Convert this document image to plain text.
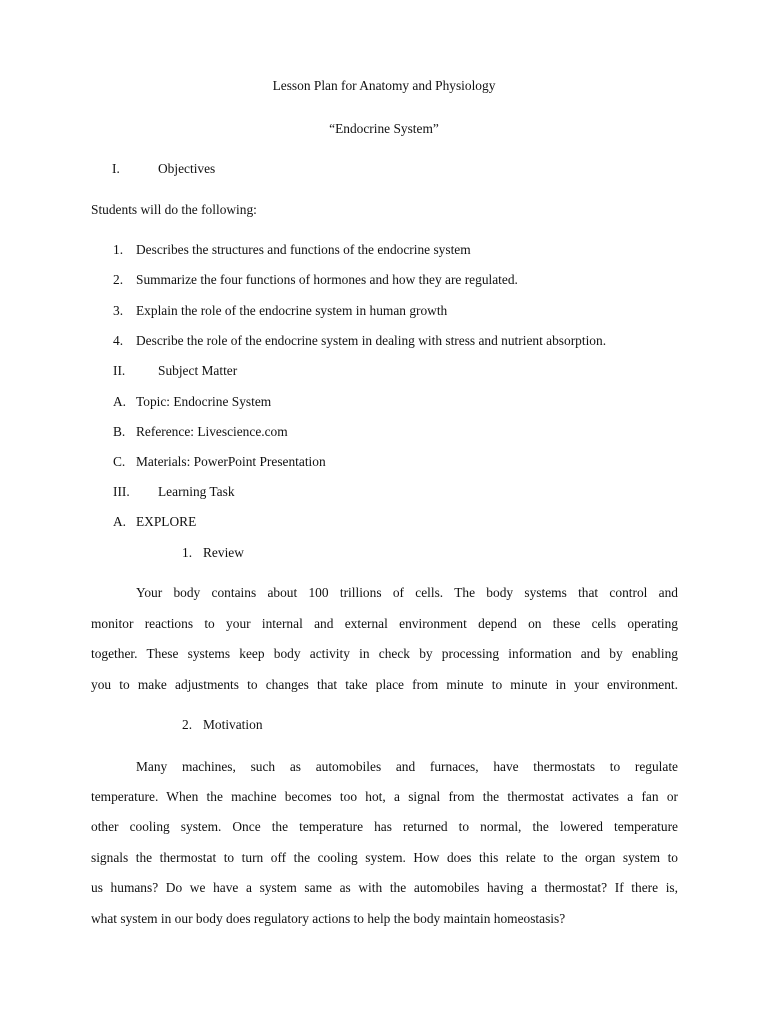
Lesson Plan for Anatomy and Physiology
“Endocrine System”
I.	Objectives
Students will do the following:
1. Describes the structures and functions of the endocrine system
2. Summarize the four functions of hormones and how they are regulated.
3. Explain the role of the endocrine system in human growth
4. Describe the role of the endocrine system in dealing with stress and nutrient absorption.
II. Subject Matter
A. Topic: Endocrine System
B. Reference: Livescience.com
C. Materials: PowerPoint Presentation
III. Learning Task
A. EXPLORE
1. Review
Your body contains about 100 trillions of cells. The body systems that control and
monitor reactions to your internal and external environment depend on these cells operating
together. These systems keep body activity in check by processing information and by enabling
you to make adjustments to changes that take place from minute to minute in your environment.
2. Motivation
Many machines, such as automobiles and furnaces, have thermostats to regulate
temperature. When the machine becomes too hot, a signal from the thermostat activates a fan or
other cooling system. Once the temperature has returned to normal, the lowered temperature
signals the thermostat to turn off the cooling system. How does this relate to the organ system to
us humans? Do we have a system same as with the automobiles having a thermostat? If there is,
what system in our body does regulatory actions to help the body maintain homeostasis?
